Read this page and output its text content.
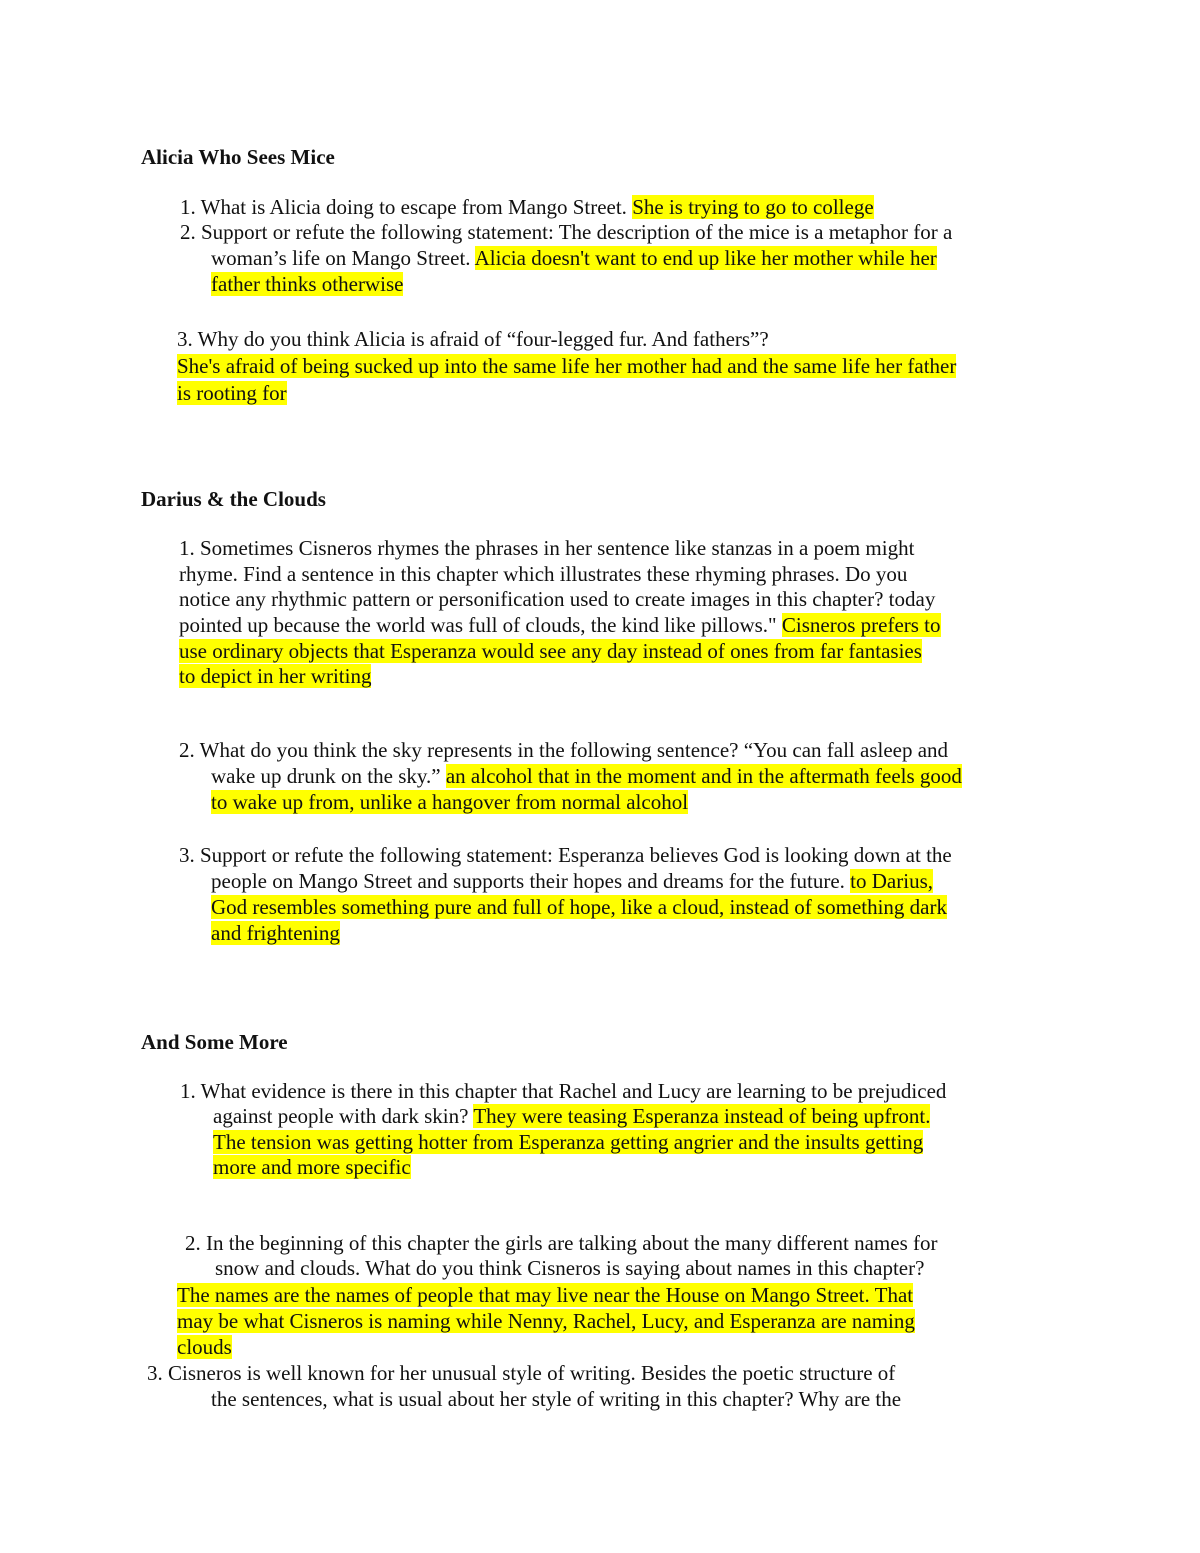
Alicia Who Sees Mice
1. What is Alicia doing to escape from Mango Street. She is trying to go to college
2. Support or refute the following statement: The description of the mice is a metaphor for a
woman’s life on Mango Street. Alicia doesn't want to end up like her mother while her
father thinks otherwise
3. Why do you think Alicia is afraid of “four-legged fur. And fathers”?
She's afraid of being sucked up into the same life her mother had and the same life her father
is rooting for
Darius & the Clouds
1. Sometimes Cisneros rhymes the phrases in her sentence like stanzas in a poem might
rhyme. Find a sentence in this chapter which illustrates these rhyming phrases. Do you
notice any rhythmic pattern or personification used to create images in this chapter? today
pointed up because the world was full of clouds, the kind like pillows." Cisneros prefers to
use ordinary objects that Esperanza would see any day instead of ones from far fantasies
to depict in her writing
2. What do you think the sky represents in the following sentence? “You can fall asleep and
wake up drunk on the sky.” an alcohol that in the moment and in the aftermath feels good
to wake up from, unlike a hangover from normal alcohol
3. Support or refute the following statement: Esperanza believes God is looking down at the
people on Mango Street and supports their hopes and dreams for the future. to Darius,
God resembles something pure and full of hope, like a cloud, instead of something dark
and frightening
And Some More
1. What evidence is there in this chapter that Rachel and Lucy are learning to be prejudiced
against people with dark skin? They were teasing Esperanza instead of being upfront.
The tension was getting hotter from Esperanza getting angrier and the insults getting
more and more specific
2. In the beginning of this chapter the girls are talking about the many different names for
snow and clouds. What do you think Cisneros is saying about names in this chapter?
The names are the names of people that may live near the House on Mango Street. That
may be what Cisneros is naming while Nenny, Rachel, Lucy, and Esperanza are naming
clouds
3. Cisneros is well known for her unusual style of writing. Besides the poetic structure of
the sentences, what is usual about her style of writing in this chapter? Why are the
